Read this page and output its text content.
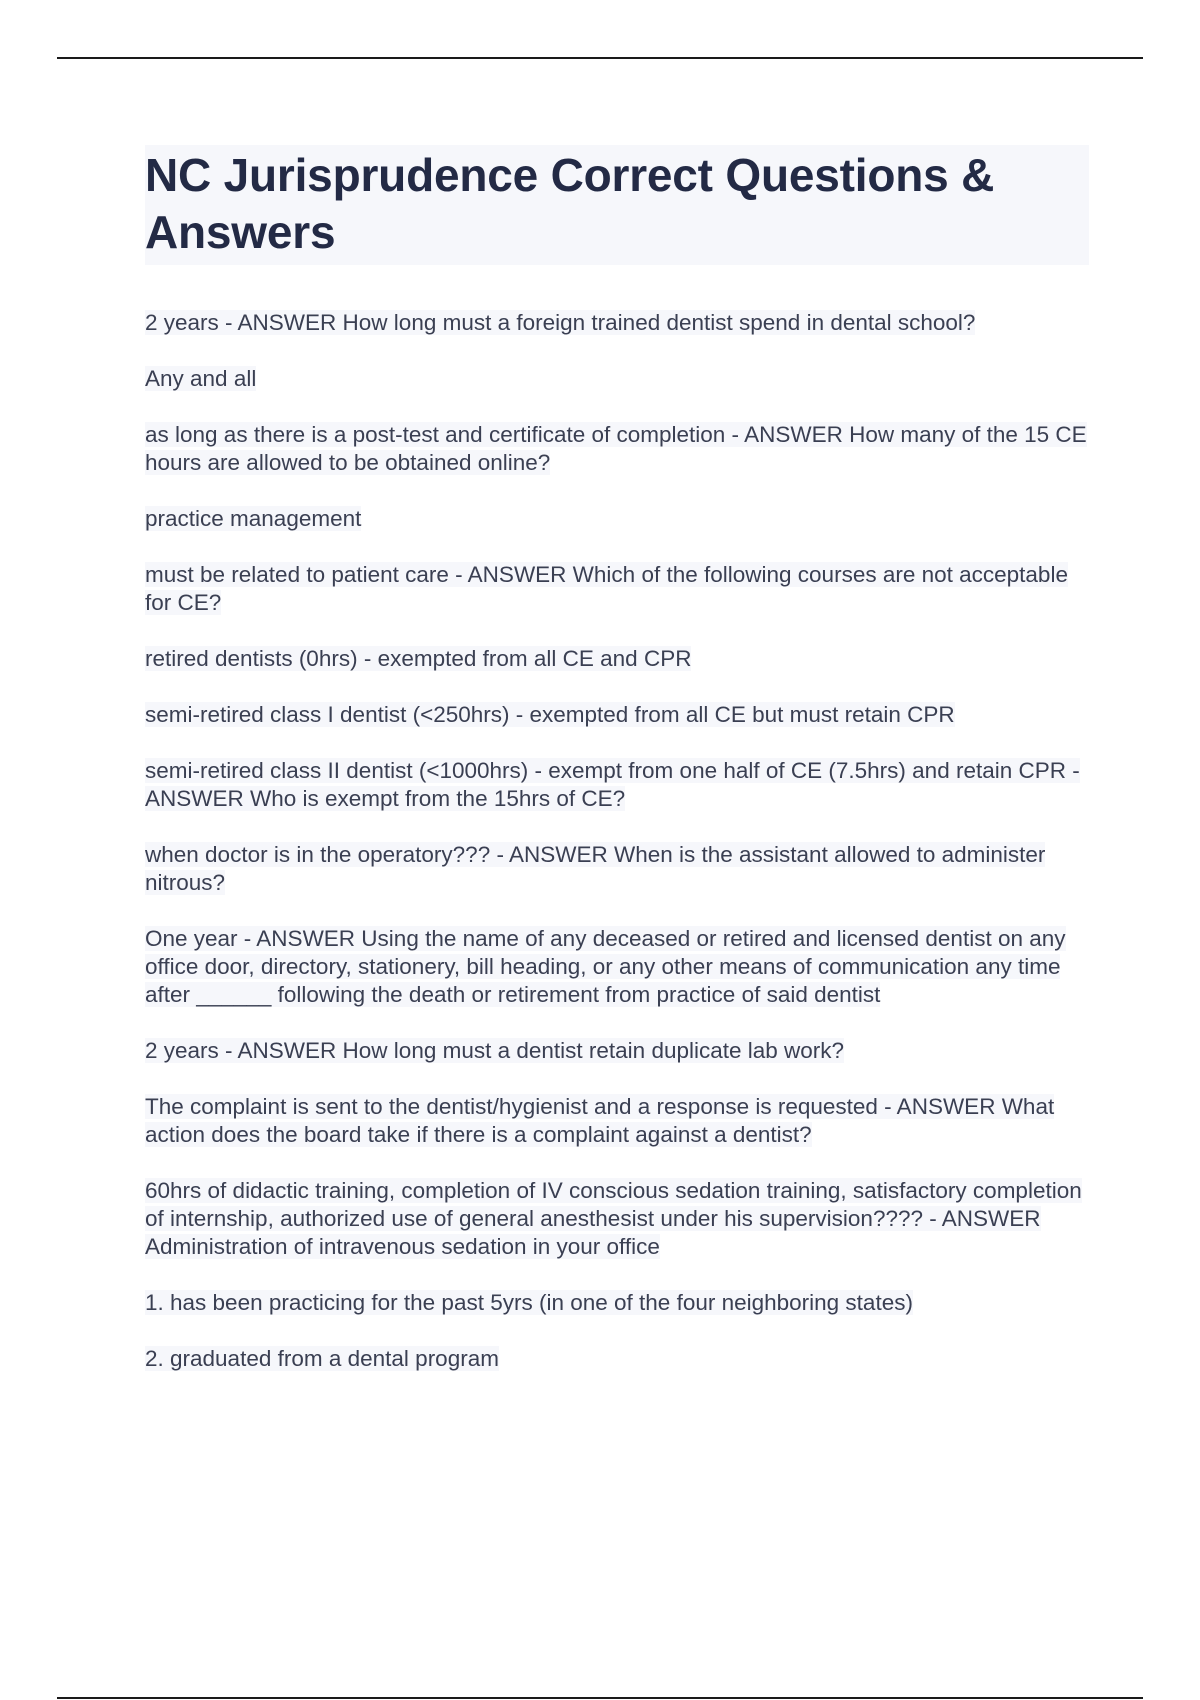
NC Jurisprudence Correct Questions & Answers

2 years - ANSWER How long must a foreign trained dentist spend in dental school?

Any and all

as long as there is a post-test and certificate of completion - ANSWER How many of the 15 CE hours are allowed to be obtained online?

practice management

must be related to patient care - ANSWER Which of the following courses are not acceptable for CE?

retired dentists (0hrs) - exempted from all CE and CPR

semi-retired class I dentist (<250hrs) - exempted from all CE but must retain CPR

semi-retired class II dentist (<1000hrs) - exempt from one half of CE (7.5hrs) and retain CPR - ANSWER Who is exempt from the 15hrs of CE?

when doctor is in the operatory??? - ANSWER When is the assistant allowed to administer nitrous?

One year - ANSWER Using the name of any deceased or retired and licensed dentist on any office door, directory, stationery, bill heading, or any other means of communication any time after ______ following the death or retirement from practice of said dentist

2 years - ANSWER How long must a dentist retain duplicate lab work?

The complaint is sent to the dentist/hygienist and a response is requested - ANSWER What action does the board take if there is a complaint against a dentist?

60hrs of didactic training, completion of IV conscious sedation training, satisfactory completion of internship, authorized use of general anesthesist under his supervision???? - ANSWER Administration of intravenous sedation in your office

1. has been practicing for the past 5yrs (in one of the four neighboring states)

2. graduated from a dental program
